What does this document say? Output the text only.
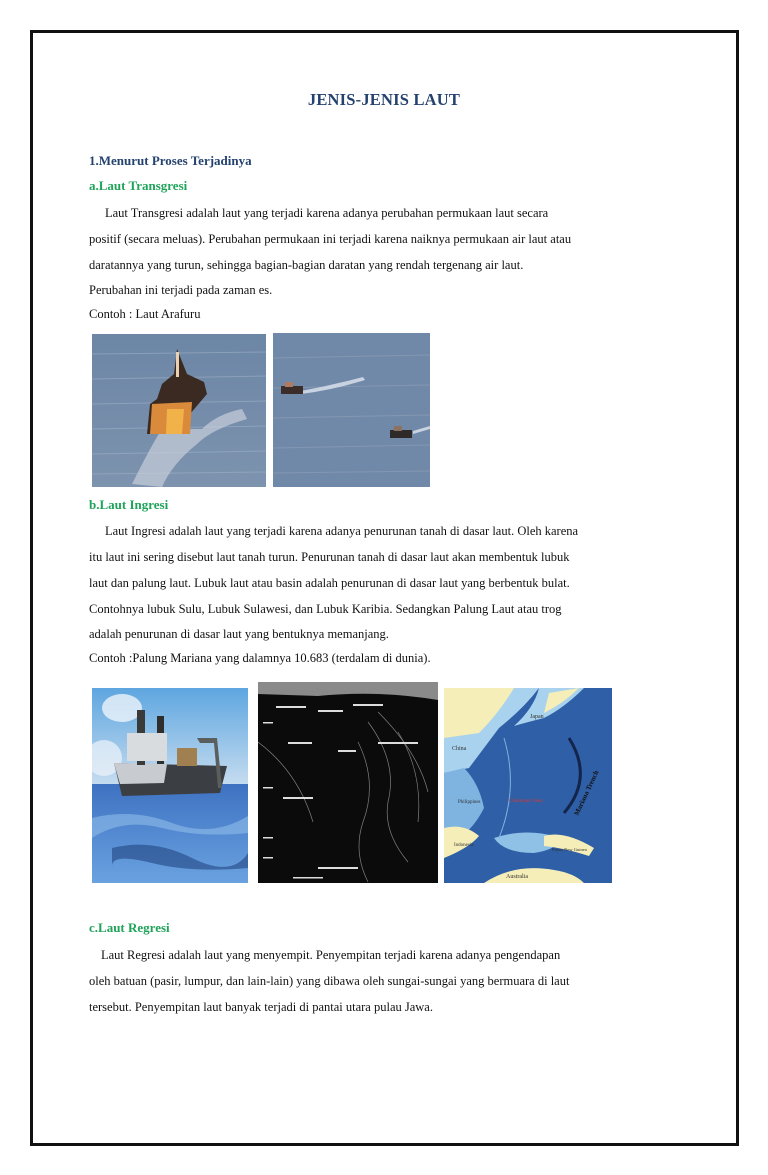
JENIS-JENIS LAUT
1.Menurut Proses Terjadinya
a.Laut Transgresi
Laut Transgresi adalah laut yang terjadi karena adanya perubahan permukaan laut secara
positif (secara meluas). Perubahan permukaan ini terjadi karena naiknya permukaan air laut atau
daratannya yang turun, sehingga bagian-bagian daratan yang rendah tergenang air laut.
Perubahan ini terjadi pada zaman es.
Contoh : Laut Arafuru
b.Laut Ingresi
Laut Ingresi adalah laut yang terjadi karena adanya penurunan tanah di dasar laut. Oleh karena
itu laut ini sering disebut laut tanah turun. Penurunan tanah di dasar laut akan membentuk lubuk
laut dan palung laut. Lubuk laut atau basin adalah penurunan di dasar laut yang berbentuk bulat.
Contohnya lubuk Sulu, Lubuk Sulawesi, dan Lubuk Karibia. Sedangkan Palung Laut atau trog
adalah penurunan di dasar laut yang bentuknya memanjang.
Contoh :Palung Mariana yang dalamnya 10.683 (terdalam di dunia).
China
Japan
Philippines
Indonesia
Papua New Guinea
Australia
Challenger Deep	Mariana Trench
c.Laut Regresi
Laut Regresi adalah laut yang menyempit. Penyempitan terjadi karena adanya pengendapan
oleh batuan (pasir, lumpur, dan lain-lain) yang dibawa oleh sungai-sungai yang bermuara di laut
tersebut. Penyempitan laut banyak terjadi di pantai utara pulau Jawa.
